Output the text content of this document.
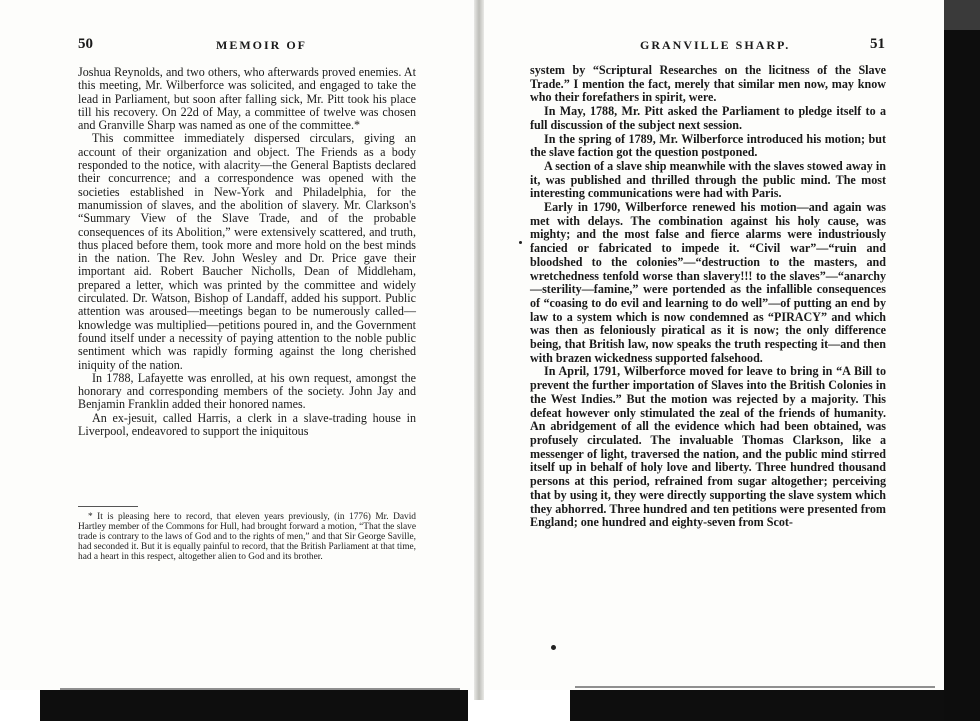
50	MEMOIR OF

Joshua Reynolds, and two others, who afterwards proved enemies. At this meeting, Mr. Wilberforce was solicited, and engaged to take the lead in Parliament, but soon after falling sick, Mr. Pitt took his place till his recovery. On 22d of May, a committee of twelve was chosen and Granville Sharp was named as one of the committee.*

This committee immediately dispersed circulars, giving an account of their organization and object. The Friends as a body responded to the notice, with alacrity—the General Baptists declared their concurrence; and a correspondence was opened with the societies established in New-York and Philadelphia, for the manumission of slaves, and the abolition of slavery. Mr. Clarkson's “Summary View of the Slave Trade, and of the probable consequences of its Abolition,” were extensively scattered, and truth, thus placed before them, took more and more hold on the best minds in the nation. The Rev. John Wesley and Dr. Price gave their important aid. Robert Baucher Nicholls, Dean of Middleham, prepared a letter, which was printed by the committee and widely circulated. Dr. Watson, Bishop of Landaff, added his support. Public attention was aroused—meetings began to be numerously called—knowledge was multiplied—petitions poured in, and the Government found itself under a necessity of paying attention to the noble public sentiment which was rapidly forming against the long cherished iniquity of the nation.

In 1788, Lafayette was enrolled, at his own request, amongst the honorary and corresponding members of the society. John Jay and Benjamin Franklin added their honored names.

An ex-jesuit, called Harris, a clerk in a slave-trading house in Liverpool, endeavored to support the iniquitous

* It is pleasing here to record, that eleven years previously, (in 1776) Mr. David Hartley member of the Commons for Hull, had brought forward a motion, “That the slave trade is contrary to the laws of God and to the rights of men,” and that Sir George Saville, had seconded it. But it is equally painful to record, that the British Parliament at that time, had a heart in this respect, altogether alien to God and its brother.

GRANVILLE SHARP.	51

system by “Scriptural Researches on the licitness of the Slave Trade.” I mention the fact, merely that similar men now, may know who their forefathers in spirit, were.

In May, 1788, Mr. Pitt asked the Parliament to pledge itself to a full discussion of the subject next session.

In the spring of 1789, Mr. Wilberforce introduced his motion; but the slave faction got the question postponed.

A section of a slave ship meanwhile with the slaves stowed away in it, was published and thrilled through the public mind. The most interesting communications were had with Paris.

Early in 1790, Wilberforce renewed his motion—and again was met with delays. The combination against his holy cause, was mighty; and the most false and fierce alarms were industriously fancied or fabricated to impede it. “Civil war”—“ruin and bloodshed to the colonies”—“destruction to the masters, and wretchedness tenfold worse than slavery!!! to the slaves”—“anarchy—sterility—famine,” were portended as the infallible consequences of “coasing to do evil and learning to do well”—of putting an end by law to a system which is now condemned as “PIRACY” and which was then as feloniously piratical as it is now; the only difference being, that British law, now speaks the truth respecting it—and then with brazen wickedness supported falsehood.

In April, 1791, Wilberforce moved for leave to bring in “A Bill to prevent the further importation of Slaves into the British Colonies in the West Indies.” But the motion was rejected by a majority. This defeat however only stimulated the zeal of the friends of humanity. An abridgement of all the evidence which had been obtained, was profusely circulated. The invaluable Thomas Clarkson, like a messenger of light, traversed the nation, and the public mind stirred itself up in behalf of holy love and liberty. Three hundred thousand persons at this period, refrained from sugar altogether; perceiving that by using it, they were directly supporting the slave system which they abhorred. Three hundred and ten petitions were presented from England; one hundred and eighty-seven from Scot-
